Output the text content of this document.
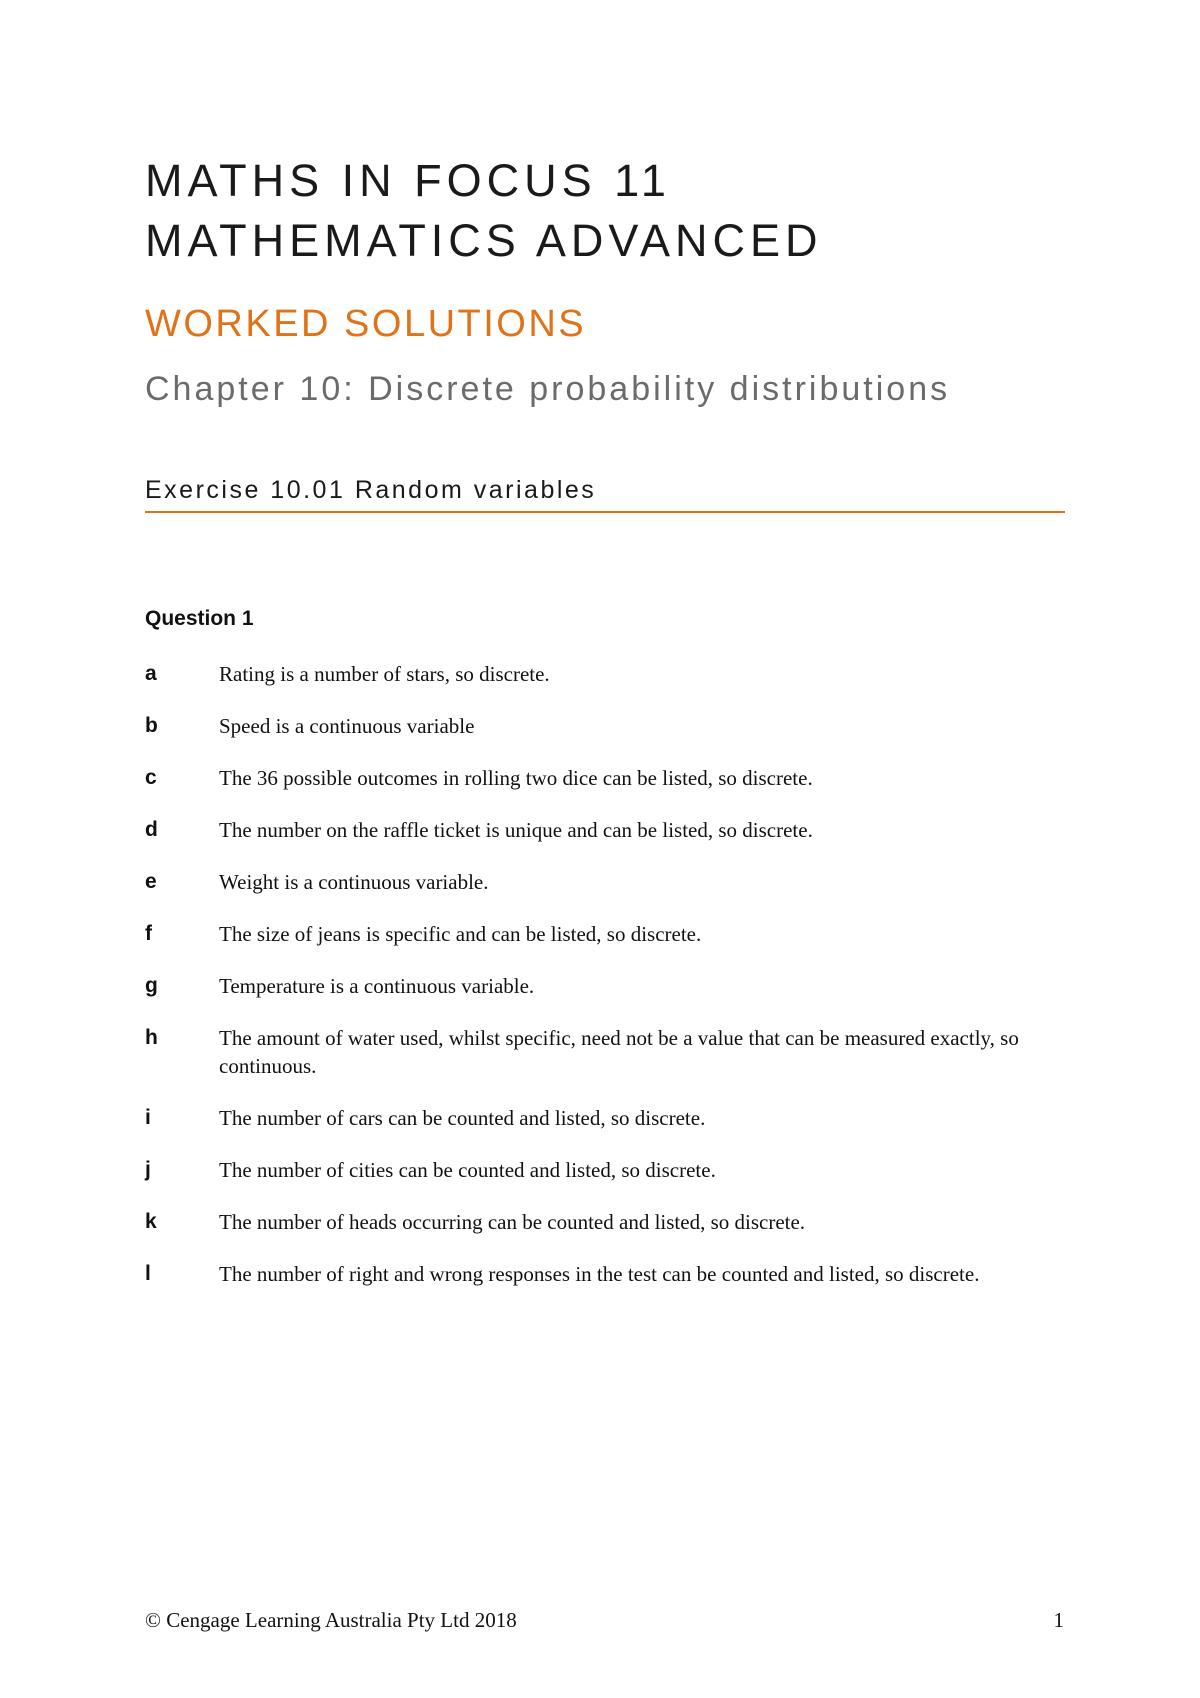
MATHS IN FOCUS 11
MATHEMATICS ADVANCED
WORKED SOLUTIONS
Chapter 10: Discrete probability distributions
Exercise 10.01 Random variables
Question 1
a	Rating is a number of stars, so discrete.
b	Speed is a continuous variable
c	The 36 possible outcomes in rolling two dice can be listed, so discrete.
d	The number on the raffle ticket is unique and can be listed, so discrete.
e	Weight is a continuous variable.
f	The size of jeans is specific and can be listed, so discrete.
g	Temperature is a continuous variable.
h	The amount of water used, whilst specific, need not be a value that can be measured exactly, so continuous.
i	The number of cars can be counted and listed, so discrete.
j	The number of cities can be counted and listed, so discrete.
k	The number of heads occurring can be counted and listed, so discrete.
l	The number of right and wrong responses in the test can be counted and listed, so discrete.
© Cengage Learning Australia Pty Ltd 2018	1
